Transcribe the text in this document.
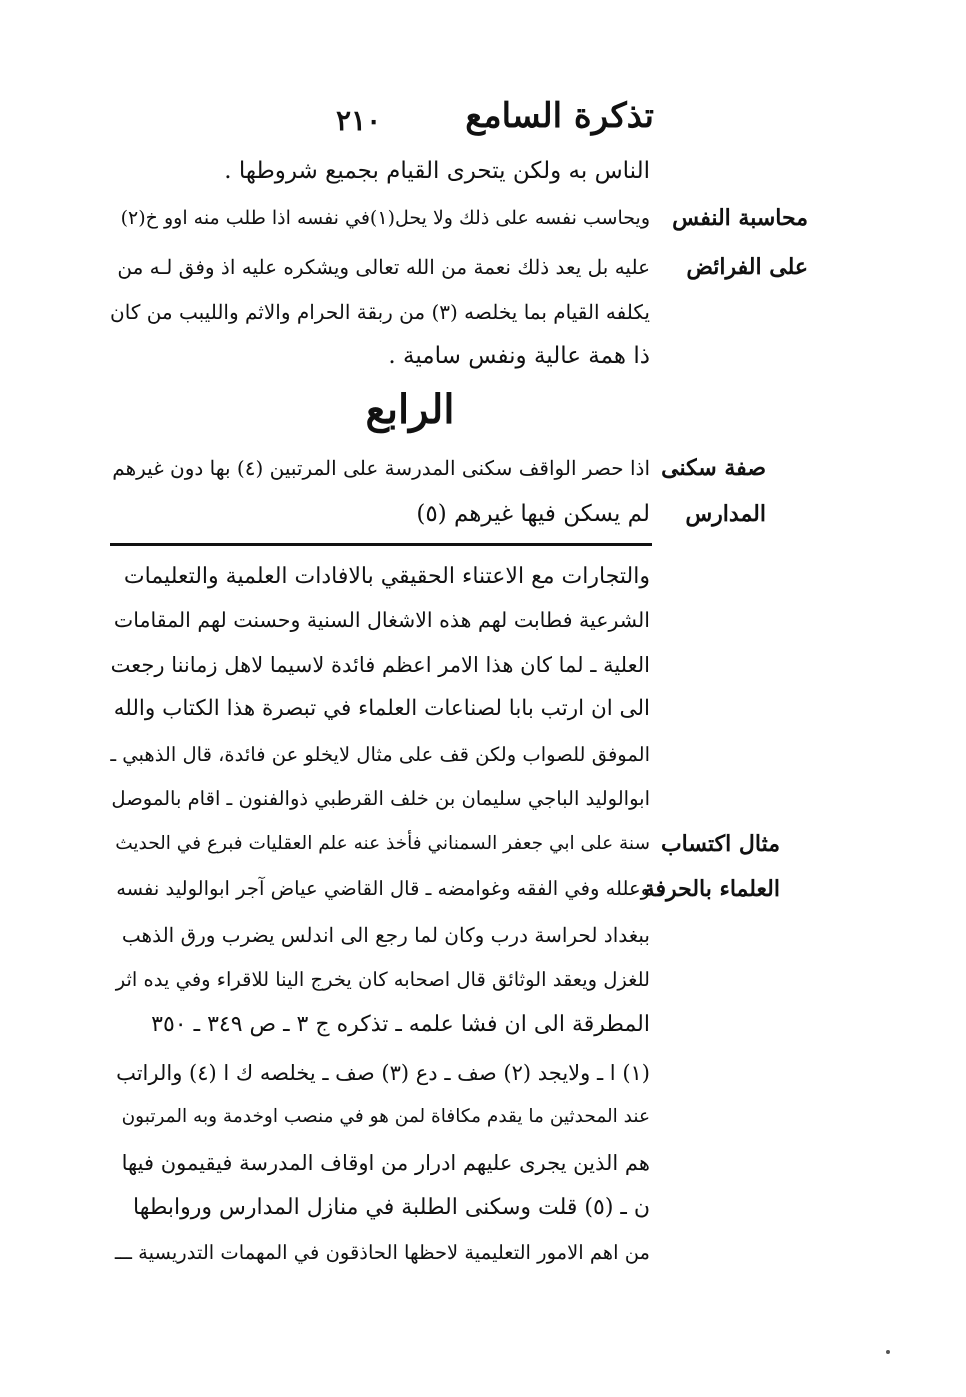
تذكرة السامع
٢١٠
الناس به ولكن يتحرى القيام بجميع شروطها .
ويحاسب نفسه على ذلك ولا يحل(١)في نفسه اذا طلب منه اوو خ(٢)
عليه بل يعد ذلك نعمة من الله تعالى ويشكره عليه اذ وفق لـه من
يكلفه القيام بما يخلصه (٣) من ربقة الحرام والاثم والليبب من كان
ذا همة عالية ونفس سامية .
محاسبة النفس
على الفرائض
الرابع
اذا حصر الواقف سكنى المدرسة على المرتبين (٤) بها دون غيرهم
لم يسكن فيها غيرهم (٥)
صفة سكنى
المدارس
والتجارات مع الاعتناء الحقيقي بالافادات العلمية والتعليمات
الشرعية فطابت لهم هذه الاشغال السنية وحسنت لهم المقامات
العلية ـ لما كان هذا الامر اعظم فائدة لاسيما لاهل زماننا رجعت
الى ان ارتب بابا لصناعات العلماء في تبصرة هذا الكتاب والله
الموفق للصواب ولكن قف على مثال لايخلو عن فائدة، قال الذهبي ـ
ابوالوليد الباجي سليمان بن خلف القرطبي ذوالفنون ـ اقام بالموصل
سنة على ابي جعفر السمناني فأخذ عنه علم العقليات فبرع في الحديث
وعلله وفي الفقه وغوامضه ـ قال القاضي عياض آجر ابوالوليد نفسه
ببغداد لحراسة درب وكان لما رجع الى اندلس يضرب ورق الذهب
للغزل ويعقد الوثائق قال اصحابه كان يخرج الينا للاقراء وفي يده اثر
المطرقة الى ان فشا علمه ـ تذكره ج ٣ ـ ص ٣٤٩ ـ ٣٥٠
(١) ا ـ ولايجد (٢) صف ـ دع (٣) صف ـ يخلصه ك ا (٤) والراتب
عند المحدثين ما يقدم مكافاة لمن هو في منصب اوخدمة وبه المرتبون
هم الذين يجرى عليهم ادرار من اوقاف المدرسة فيقيمون فيها
ن ـ (٥) قلت وسكنى الطلبة في منازل المدارس وروابطها
من اهم الامور التعليمية لاحظها الحاذقون في المهمات التدريسية ـــ
مثال اكتساب
العلماء بالحرفة
